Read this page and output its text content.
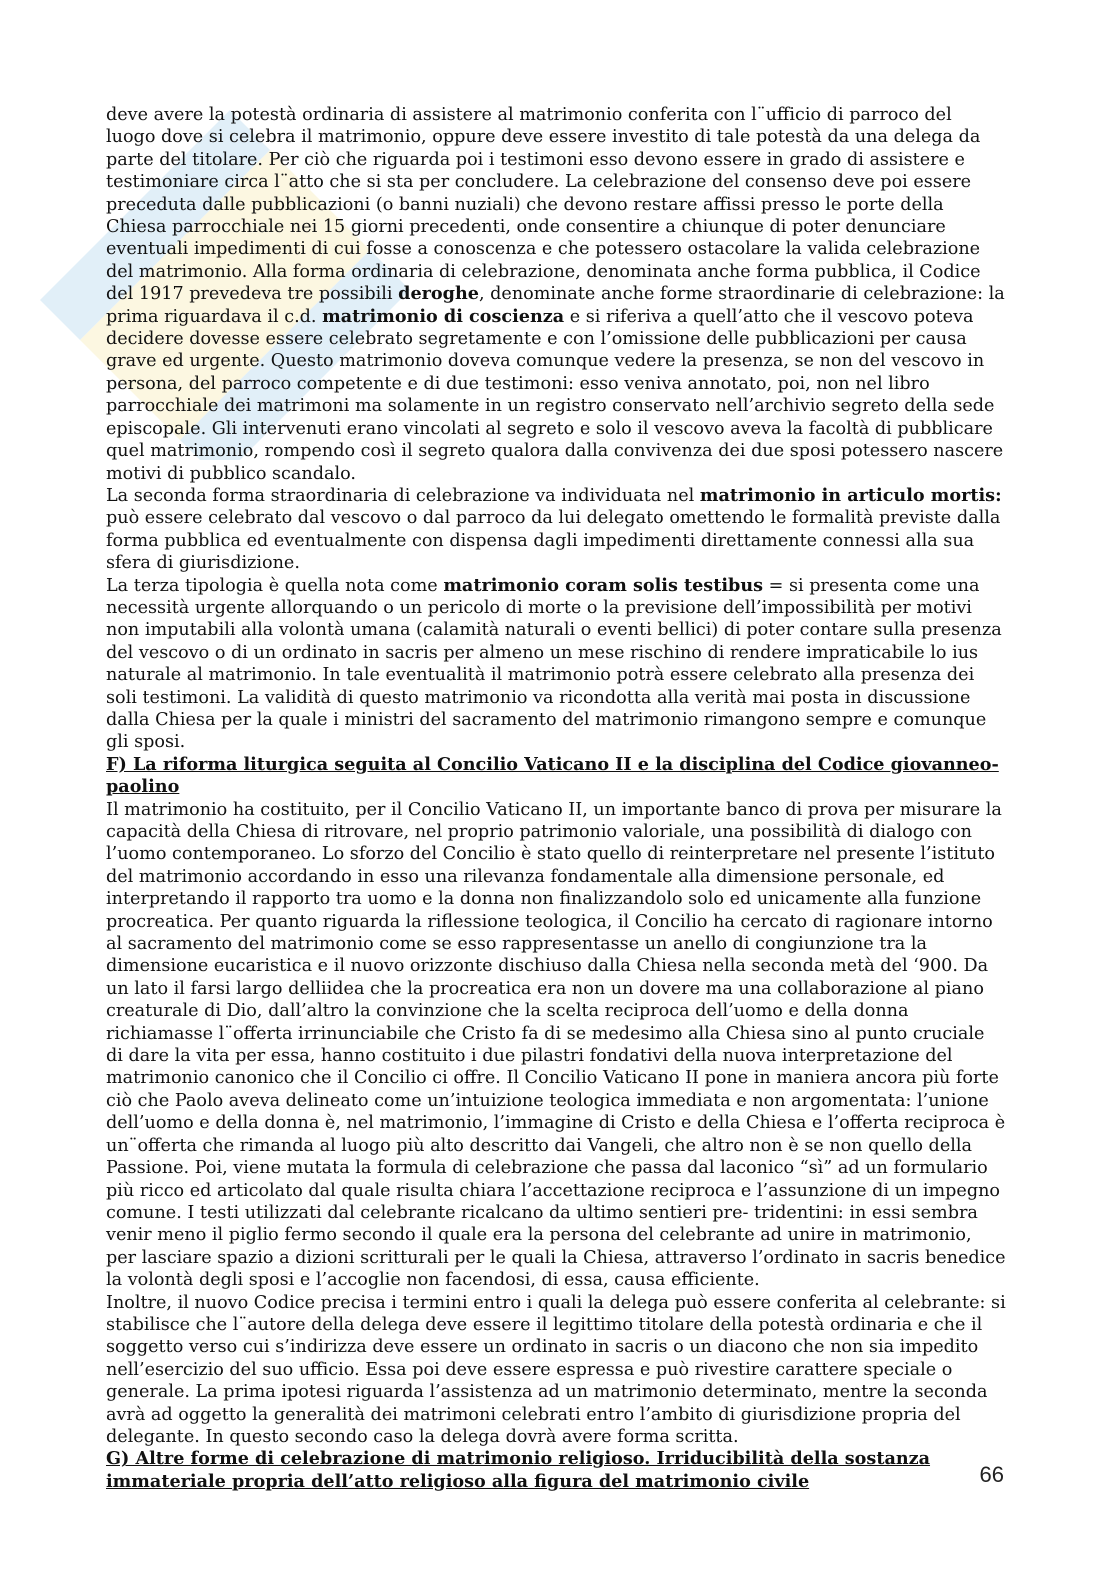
deve avere la potestà ordinaria di assistere al matrimonio conferita con l¨ufficio di parroco del luogo dove si celebra il matrimonio, oppure deve essere investito di tale potestà da una delega da parte del titolare. Per ciò che riguarda poi i testimoni esso devono essere in grado di assistere e testimoniare circa l¨atto che si sta per concludere. La celebrazione del consenso deve poi essere preceduta dalle pubblicazioni (o banni nuziali) che devono restare affissi presso le porte della Chiesa parrocchiale nei 15 giorni precedenti, onde consentire a chiunque di poter denunciare eventuali impedimenti di cui fosse a conoscenza e che potessero ostacolare la valida celebrazione del matrimonio. Alla forma ordinaria di celebrazione, denominata anche forma pubblica, il Codice del 1917 prevedeva tre possibili deroghe, denominate anche forme straordinarie di celebrazione: la prima riguardava il c.d. matrimonio di coscienza e si riferiva a quell’atto che il vescovo poteva decidere dovesse essere celebrato segretamente e con l’omissione delle pubblicazioni per causa grave ed urgente. Questo matrimonio doveva comunque vedere la presenza, se non del vescovo in persona, del parroco competente e di due testimoni: esso veniva annotato, poi, non nel libro parrocchiale dei matrimoni ma solamente in un registro conservato nell’archivio segreto della sede episcopale. Gli intervenuti erano vincolati al segreto e solo il vescovo aveva la facoltà di pubblicare quel matrimonio, rompendo così il segreto qualora dalla convivenza dei due sposi potessero nascere motivi di pubblico scandalo.

La seconda forma straordinaria di celebrazione va individuata nel matrimonio in articulo mortis: può essere celebrato dal vescovo o dal parroco da lui delegato omettendo le formalità previste dalla forma pubblica ed eventualmente con dispensa dagli impedimenti direttamente connessi alla sua sfera di giurisdizione.

La terza tipologia è quella nota come matrimonio coram solis testibus = si presenta come una necessità urgente allorquando o un pericolo di morte o la previsione dell’impossibilità per motivi non imputabili alla volontà umana (calamità naturali o eventi bellici) di poter contare sulla presenza del vescovo o di un ordinato in sacris per almeno un mese rischino di rendere impraticabile lo ius naturale al matrimonio. In tale eventualità il matrimonio potrà essere celebrato alla presenza dei soli testimoni. La validità di questo matrimonio va ricondotta alla verità mai posta in discussione dalla Chiesa per la quale i ministri del sacramento del matrimonio rimangono sempre e comunque gli sposi.

F) La riforma liturgica seguita al Concilio Vaticano II e la disciplina del Codice giovanneo-paolino

Il matrimonio ha costituito, per il Concilio Vaticano II, un importante banco di prova per misurare la capacità della Chiesa di ritrovare, nel proprio patrimonio valoriale, una possibilità di dialogo con l’uomo contemporaneo. Lo sforzo del Concilio è stato quello di reinterpretare nel presente l’istituto del matrimonio accordando in esso una rilevanza fondamentale alla dimensione personale, ed interpretando il rapporto tra uomo e la donna non finalizzandolo solo ed unicamente alla funzione procreatica. Per quanto riguarda la riflessione teologica, il Concilio ha cercato di ragionare intorno al sacramento del matrimonio come se esso rappresentasse un anello di congiunzione tra la dimensione eucaristica e il nuovo orizzonte dischiuso dalla Chiesa nella seconda metà del ‘900. Da un lato il farsi largo delliidea che la procreatica era non un dovere ma una collaborazione al piano creaturale di Dio, dall’altro la convinzione che la scelta reciproca dell’uomo e della donna richiamasse l¨offerta irrinunciabile che Cristo fa di se medesimo alla Chiesa sino al punto cruciale di dare la vita per essa, hanno costituito i due pilastri fondativi della nuova interpretazione del matrimonio canonico che il Concilio ci offre. Il Concilio Vaticano II pone in maniera ancora più forte ciò che Paolo aveva delineato come un’intuizione teologica immediata e non argomentata: l’unione dell’uomo e della donna è, nel matrimonio, l’immagine di Cristo e della Chiesa e l’offerta reciproca è un¨offerta che rimanda al luogo più alto descritto dai Vangeli, che altro non è se non quello della Passione. Poi, viene mutata la formula di celebrazione che passa dal laconico “sì” ad un formulario più ricco ed articolato dal quale risulta chiara l’accettazione reciproca e l’assunzione di un impegno comune. I testi utilizzati dal celebrante ricalcano da ultimo sentieri pre- tridentini: in essi sembra venir meno il piglio fermo secondo il quale era la persona del celebrante ad unire in matrimonio, per lasciare spazio a dizioni scritturali per le quali la Chiesa, attraverso l’ordinato in sacris benedice la volontà degli sposi e l’accoglie non facendosi, di essa, causa efficiente.

Inoltre, il nuovo Codice precisa i termini entro i quali la delega può essere conferita al celebrante: si stabilisce che l¨autore della delega deve essere il legittimo titolare della potestà ordinaria e che il soggetto verso cui s’indirizza deve essere un ordinato in sacris o un diacono che non sia impedito nell’esercizio del suo ufficio. Essa poi deve essere espressa e può rivestire carattere speciale o generale. La prima ipotesi riguarda l’assistenza ad un matrimonio determinato, mentre la seconda avrà ad oggetto la generalità dei matrimoni celebrati entro l’ambito di giurisdizione propria del delegante. In questo secondo caso la delega dovrà avere forma scritta.

G) Altre forme di celebrazione di matrimonio religioso. Irriducibilità della sostanza immateriale propria dell’atto religioso alla figura del matrimonio civile	66
